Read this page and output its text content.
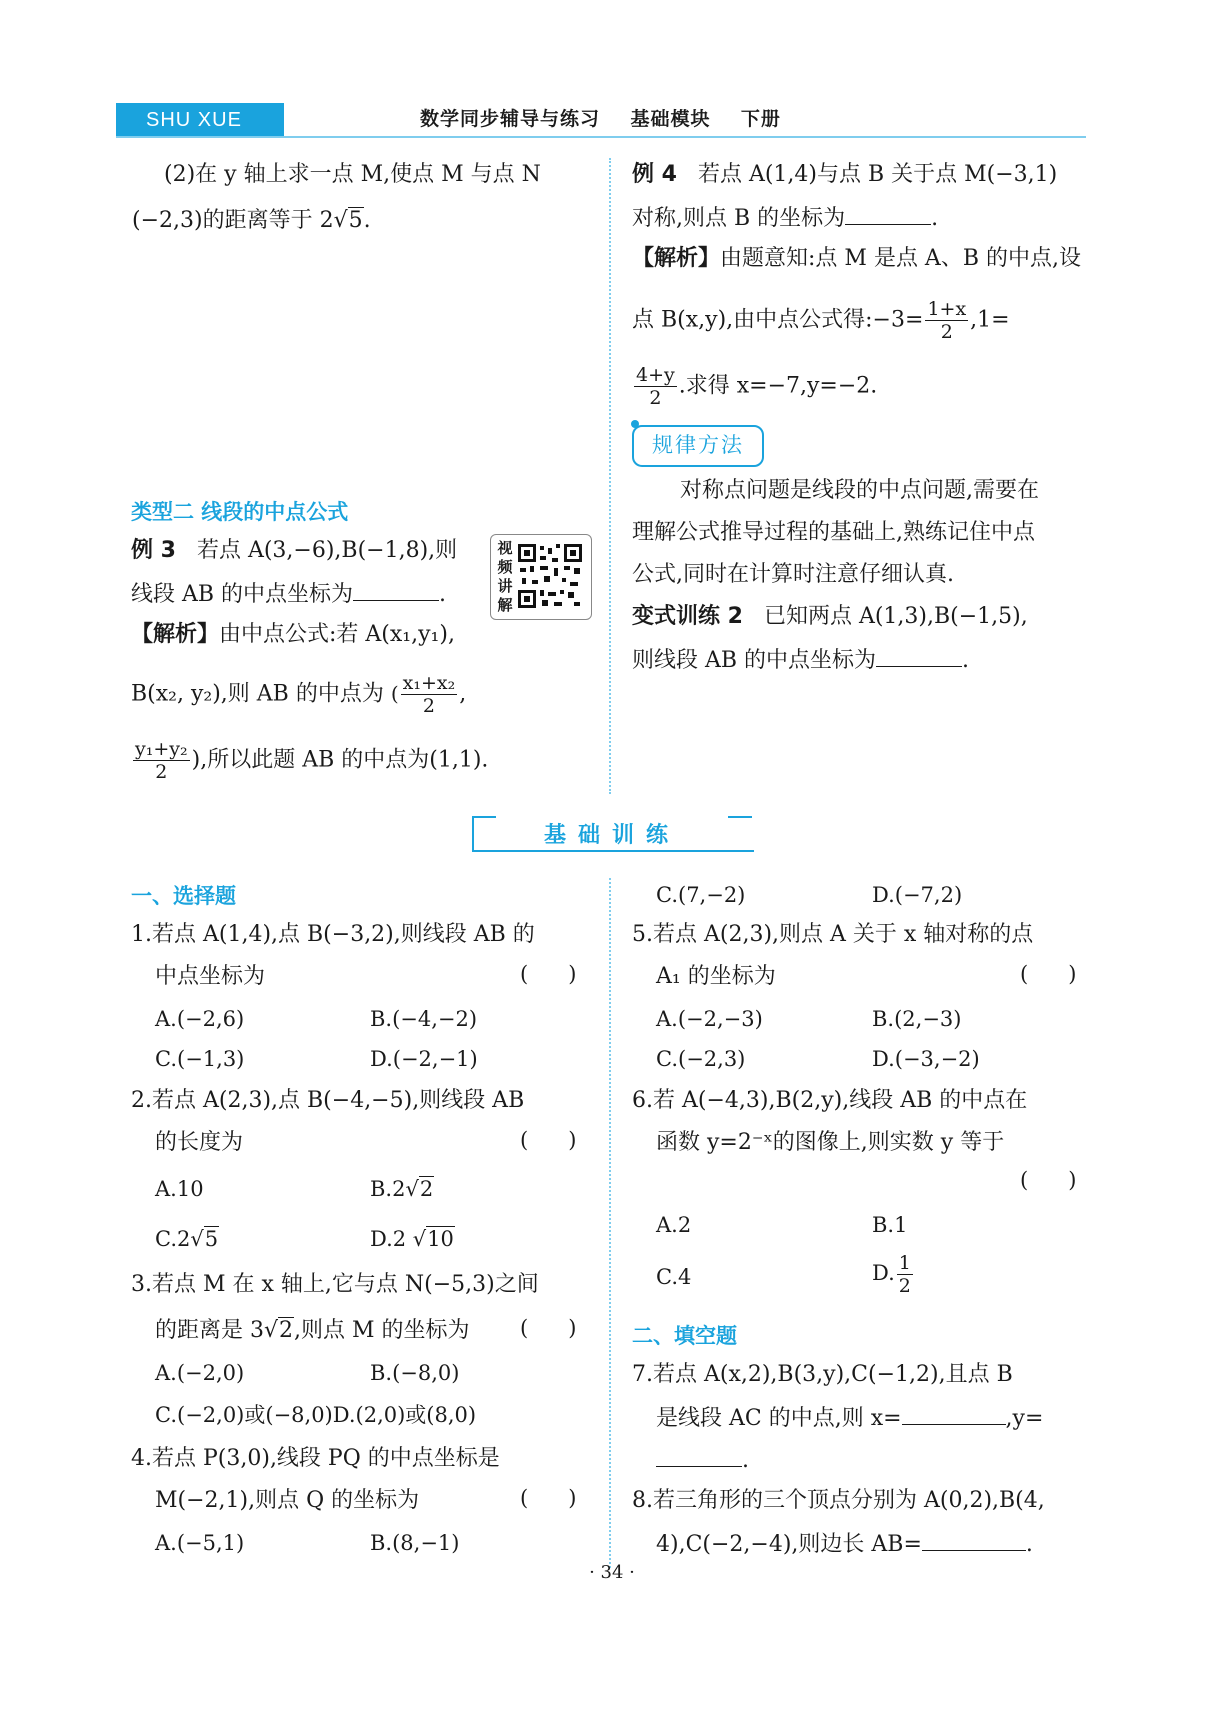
SHU XUE	数学同步辅导与练习    基础模块    下册
(2)在 y 轴上求一点 M,使点 M 与点 N
(−2,3)的距离等于 2√5.
类型二 线段的中点公式
例 3 若点 A(3,−6),B(−1,8),则
线段 AB 的中点坐标为	.
视频讲解
【解析】由中点公式:若 A(x₁,y₁),
B(x₂, y₂),则 AB 的中点为 ( $\frac{\text{x₁+x₂}}{2}$ ,
$\frac{\text{y₁+y₂}}{2}$ ),所以此题 AB 的中点为(1,1).
例 4 若点 A(1,4)与点 B 关于点 M(−3,1)
对称,则点 B 的坐标为	.
【解析】由题意知:点 M 是点 A、B 的中点,设
点 B(x,y),由中点公式得:−3= $\frac{1+x}{2} ,1=$
$\frac{4+y}{2}$ .求得 x=−7,y=−2.
规律方法
对称点问题是线段的中点问题,需要在
理解公式推导过程的基础上,熟练记住中点
公式,同时在计算时注意仔细认真.
变式训练 2 已知两点 A(1,3),B(−1,5),
则线段 AB 的中点坐标为	.
基础训练
一、选择题
1.若点 A(1,4),点 B(−3,2),则线段 AB 的
中点坐标为	(      )
A.(−2,6)	B.(−4,−2)
C.(−1,3)	D.(−2,−1)
2.若点 A(2,3),点 B(−4,−5),则线段 AB
的长度为	(      )
A.10	B.2√2
C.2√5	D.2 √10
3.若点 M 在 x 轴上,它与点 N(−5,3)之间
的距离是 3√2,则点 M 的坐标为 (      )
A.(−2,0)	B.(−8,0)
C.(−2,0)或(−8,0)D.(2,0)或(8,0)
4.若点 P(3,0),线段 PQ 的中点坐标是
M(−2,1),则点 Q 的坐标为	(      )
A.(−5,1)	B.(8,−1)
C.(7,−2)	D.(−7,2)
5.若点 A(2,3),则点 A 关于 x 轴对称的点
A₁ 的坐标为	(      )
A.(−2,−3)	B.(2,−3)
C.(−2,3)	D.(−3,−2)
6.若 A(−4,3),B(2,y),线段 AB 的中点在
函数 y=2⁻ˣ的图像上,则实数 y 等于
(      )
A.2	B.1
C.4	D. $\frac{1}{2}$
二、填空题
7.若点 A(x,2),B(3,y),C(−1,2),且点 B
是线段 AC 的中点,则 x=	,y=
.
8.若三角形的三个顶点分别为 A(0,2),B(4,
4),C(−2,−4),则边长 AB=	.
· 34 ·
